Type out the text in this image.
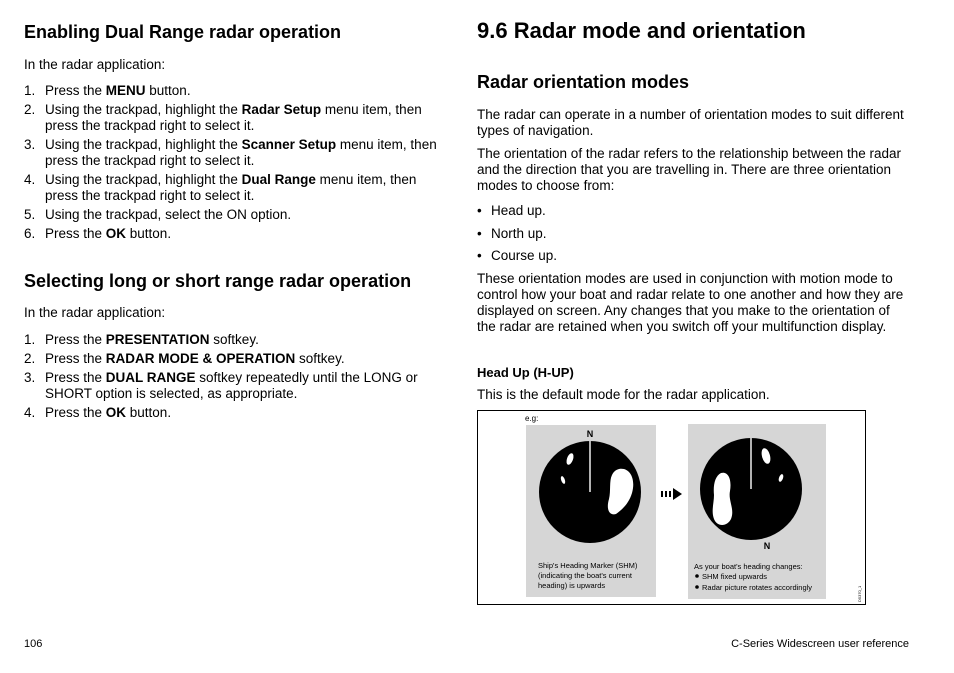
Enabling Dual Range radar operation

In the radar application:

1. Press the MENU button.
2. Using the trackpad, highlight the Radar Setup menu item, then press the trackpad right to select it.
3. Using the trackpad, highlight the Scanner Setup menu item, then press the trackpad right to select it.
4. Using the trackpad, highlight the Dual Range menu item, then press the trackpad right to select it.
5. Using the trackpad, select the ON option.
6. Press the OK button.
Selecting long or short range radar operation

In the radar application:

1. Press the PRESENTATION softkey.
2. Press the RADAR MODE & OPERATION softkey.
3. Press the DUAL RANGE softkey repeatedly until the LONG or SHORT option is selected, as appropriate.
4. Press the OK button.
9.6 Radar mode and orientation
Radar orientation modes

The radar can operate in a number of orientation modes to suit different types of navigation.

The orientation of the radar refers to the relationship between the radar and the direction that you are travelling in. There are three orientation modes to choose from:

• Head up.
• North up.
• Course up.

These orientation modes are used in conjunction with motion mode to control how your boat and radar relate to one another and how they are displayed on screen. Any changes that you make to the orientation of the radar are retained when you switch off your multifunction display.

Head Up (H-UP)

This is the default mode for the radar application.

e.g:
N
Ship's Heading Marker (SHM) (indicating the boat's current heading) is upwards
N
As your boat's heading changes:
SHM fixed upwards
Radar picture rotates accordingly	D5370_1
106	C-Series Widescreen user reference
